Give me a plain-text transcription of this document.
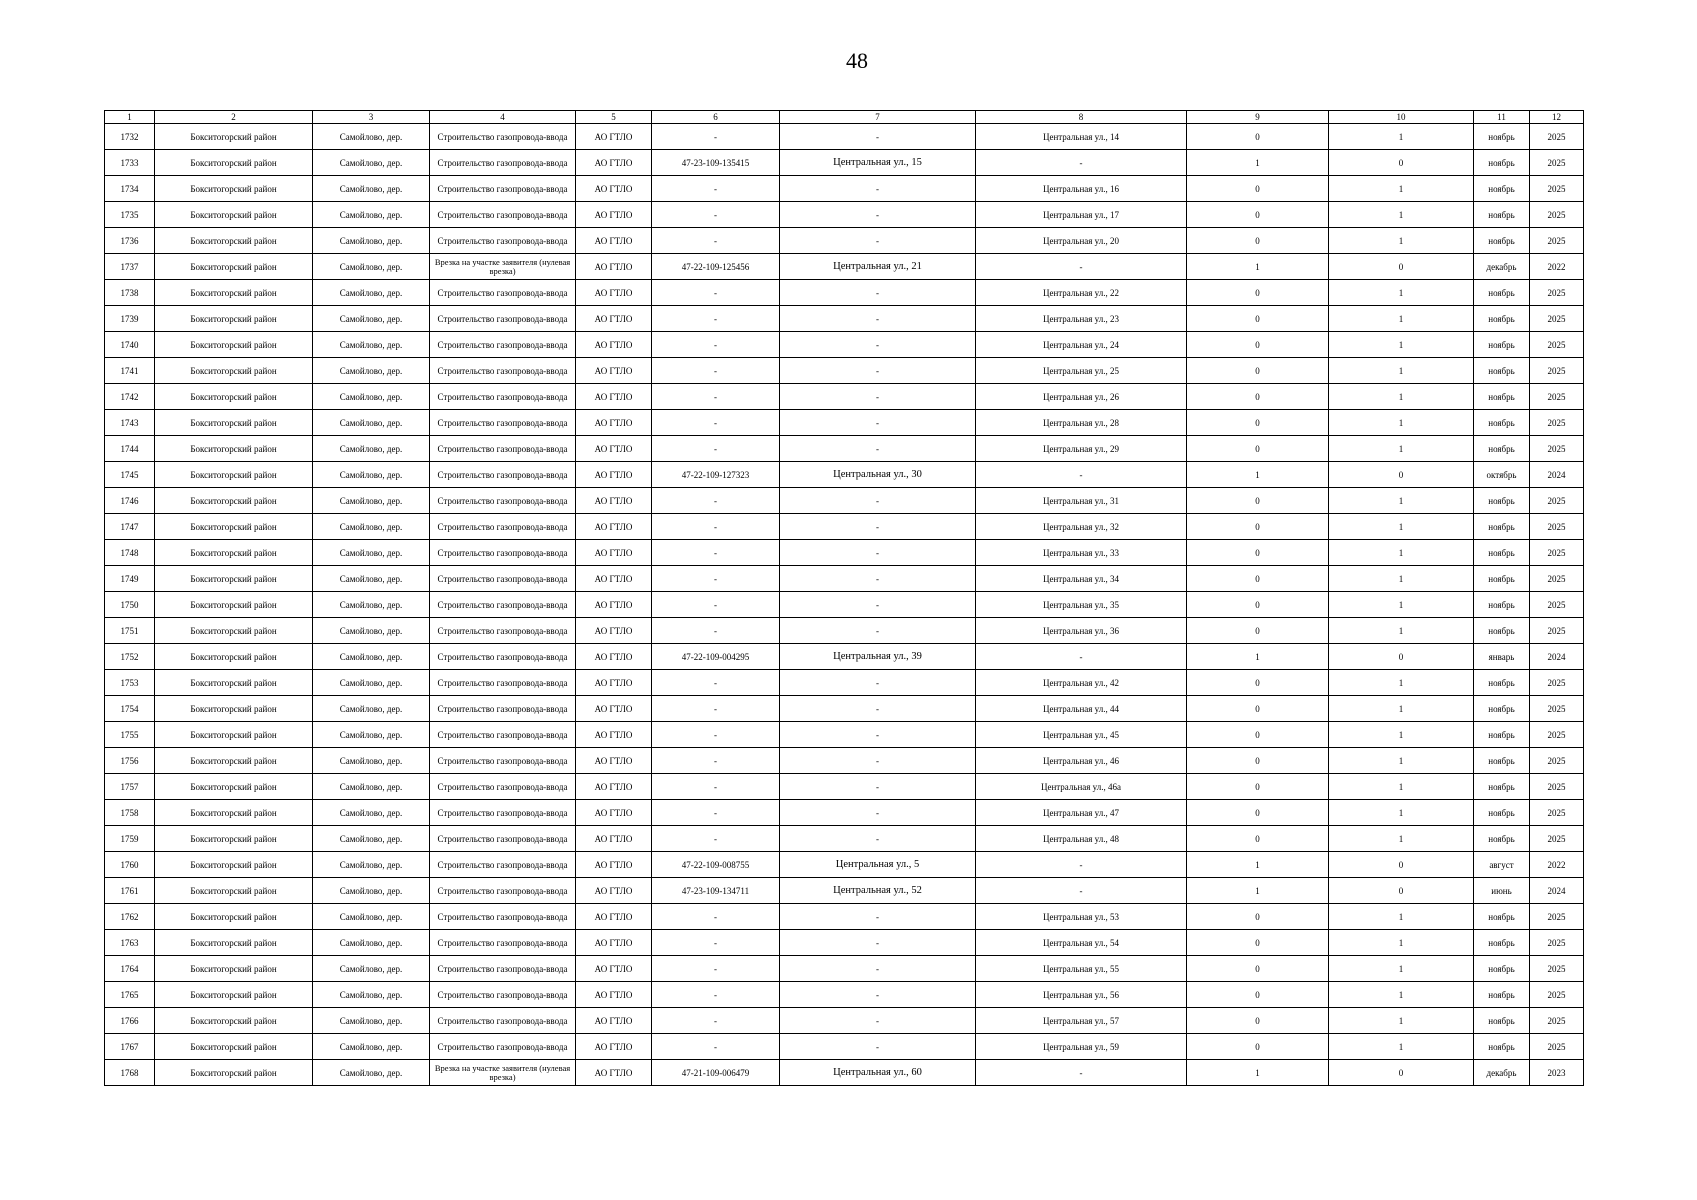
48
1	2	3	4	5	6	7	8	9	10	11	12
1732	Бокситогорский район	Самойлово, дер.	Строительство газопровода-ввода	АО ГТЛО	-	-	Центральная ул., 14	0	1	ноябрь	2025
1733	Бокситогорский район	Самойлово, дер.	Строительство газопровода-ввода	АО ГТЛО	47-23-109-135415	Центральная ул., 15	-	1	0	ноябрь	2025
1734	Бокситогорский район	Самойлово, дер.	Строительство газопровода-ввода	АО ГТЛО	-	-	Центральная ул., 16	0	1	ноябрь	2025
1735	Бокситогорский район	Самойлово, дер.	Строительство газопровода-ввода	АО ГТЛО	-	-	Центральная ул., 17	0	1	ноябрь	2025
1736	Бокситогорский район	Самойлово, дер.	Строительство газопровода-ввода	АО ГТЛО	-	-	Центральная ул., 20	0	1	ноябрь	2025
1737	Бокситогорский район	Самойлово, дер.	Врезка на участке заявителя (нулевая врезка)	АО ГТЛО	47-22-109-125456	Центральная ул., 21	-	1	0	декабрь	2022
1738	Бокситогорский район	Самойлово, дер.	Строительство газопровода-ввода	АО ГТЛО	-	-	Центральная ул., 22	0	1	ноябрь	2025
1739	Бокситогорский район	Самойлово, дер.	Строительство газопровода-ввода	АО ГТЛО	-	-	Центральная ул., 23	0	1	ноябрь	2025
1740	Бокситогорский район	Самойлово, дер.	Строительство газопровода-ввода	АО ГТЛО	-	-	Центральная ул., 24	0	1	ноябрь	2025
1741	Бокситогорский район	Самойлово, дер.	Строительство газопровода-ввода	АО ГТЛО	-	-	Центральная ул., 25	0	1	ноябрь	2025
1742	Бокситогорский район	Самойлово, дер.	Строительство газопровода-ввода	АО ГТЛО	-	-	Центральная ул., 26	0	1	ноябрь	2025
1743	Бокситогорский район	Самойлово, дер.	Строительство газопровода-ввода	АО ГТЛО	-	-	Центральная ул., 28	0	1	ноябрь	2025
1744	Бокситогорский район	Самойлово, дер.	Строительство газопровода-ввода	АО ГТЛО	-	-	Центральная ул., 29	0	1	ноябрь	2025
1745	Бокситогорский район	Самойлово, дер.	Строительство газопровода-ввода	АО ГТЛО	47-22-109-127323	Центральная ул., 30	-	1	0	октябрь	2024
1746	Бокситогорский район	Самойлово, дер.	Строительство газопровода-ввода	АО ГТЛО	-	-	Центральная ул., 31	0	1	ноябрь	2025
1747	Бокситогорский район	Самойлово, дер.	Строительство газопровода-ввода	АО ГТЛО	-	-	Центральная ул., 32	0	1	ноябрь	2025
1748	Бокситогорский район	Самойлово, дер.	Строительство газопровода-ввода	АО ГТЛО	-	-	Центральная ул., 33	0	1	ноябрь	2025
1749	Бокситогорский район	Самойлово, дер.	Строительство газопровода-ввода	АО ГТЛО	-	-	Центральная ул., 34	0	1	ноябрь	2025
1750	Бокситогорский район	Самойлово, дер.	Строительство газопровода-ввода	АО ГТЛО	-	-	Центральная ул., 35	0	1	ноябрь	2025
1751	Бокситогорский район	Самойлово, дер.	Строительство газопровода-ввода	АО ГТЛО	-	-	Центральная ул., 36	0	1	ноябрь	2025
1752	Бокситогорский район	Самойлово, дер.	Строительство газопровода-ввода	АО ГТЛО	47-22-109-004295	Центральная ул., 39	-	1	0	январь	2024
1753	Бокситогорский район	Самойлово, дер.	Строительство газопровода-ввода	АО ГТЛО	-	-	Центральная ул., 42	0	1	ноябрь	2025
1754	Бокситогорский район	Самойлово, дер.	Строительство газопровода-ввода	АО ГТЛО	-	-	Центральная ул., 44	0	1	ноябрь	2025
1755	Бокситогорский район	Самойлово, дер.	Строительство газопровода-ввода	АО ГТЛО	-	-	Центральная ул., 45	0	1	ноябрь	2025
1756	Бокситогорский район	Самойлово, дер.	Строительство газопровода-ввода	АО ГТЛО	-	-	Центральная ул., 46	0	1	ноябрь	2025
1757	Бокситогорский район	Самойлово, дер.	Строительство газопровода-ввода	АО ГТЛО	-	-	Центральная ул., 46а	0	1	ноябрь	2025
1758	Бокситогорский район	Самойлово, дер.	Строительство газопровода-ввода	АО ГТЛО	-	-	Центральная ул., 47	0	1	ноябрь	2025
1759	Бокситогорский район	Самойлово, дер.	Строительство газопровода-ввода	АО ГТЛО	-	-	Центральная ул., 48	0	1	ноябрь	2025
1760	Бокситогорский район	Самойлово, дер.	Строительство газопровода-ввода	АО ГТЛО	47-22-109-008755	Центральная ул., 5	-	1	0	август	2022
1761	Бокситогорский район	Самойлово, дер.	Строительство газопровода-ввода	АО ГТЛО	47-23-109-134711	Центральная ул., 52	-	1	0	июнь	2024
1762	Бокситогорский район	Самойлово, дер.	Строительство газопровода-ввода	АО ГТЛО	-	-	Центральная ул., 53	0	1	ноябрь	2025
1763	Бокситогорский район	Самойлово, дер.	Строительство газопровода-ввода	АО ГТЛО	-	-	Центральная ул., 54	0	1	ноябрь	2025
1764	Бокситогорский район	Самойлово, дер.	Строительство газопровода-ввода	АО ГТЛО	-	-	Центральная ул., 55	0	1	ноябрь	2025
1765	Бокситогорский район	Самойлово, дер.	Строительство газопровода-ввода	АО ГТЛО	-	-	Центральная ул., 56	0	1	ноябрь	2025
1766	Бокситогорский район	Самойлово, дер.	Строительство газопровода-ввода	АО ГТЛО	-	-	Центральная ул., 57	0	1	ноябрь	2025
1767	Бокситогорский район	Самойлово, дер.	Строительство газопровода-ввода	АО ГТЛО	-	-	Центральная ул., 59	0	1	ноябрь	2025
1768	Бокситогорский район	Самойлово, дер.	Врезка на участке заявителя (нулевая врезка)	АО ГТЛО	47-21-109-006479	Центральная ул., 60	-	1	0	декабрь	2023
